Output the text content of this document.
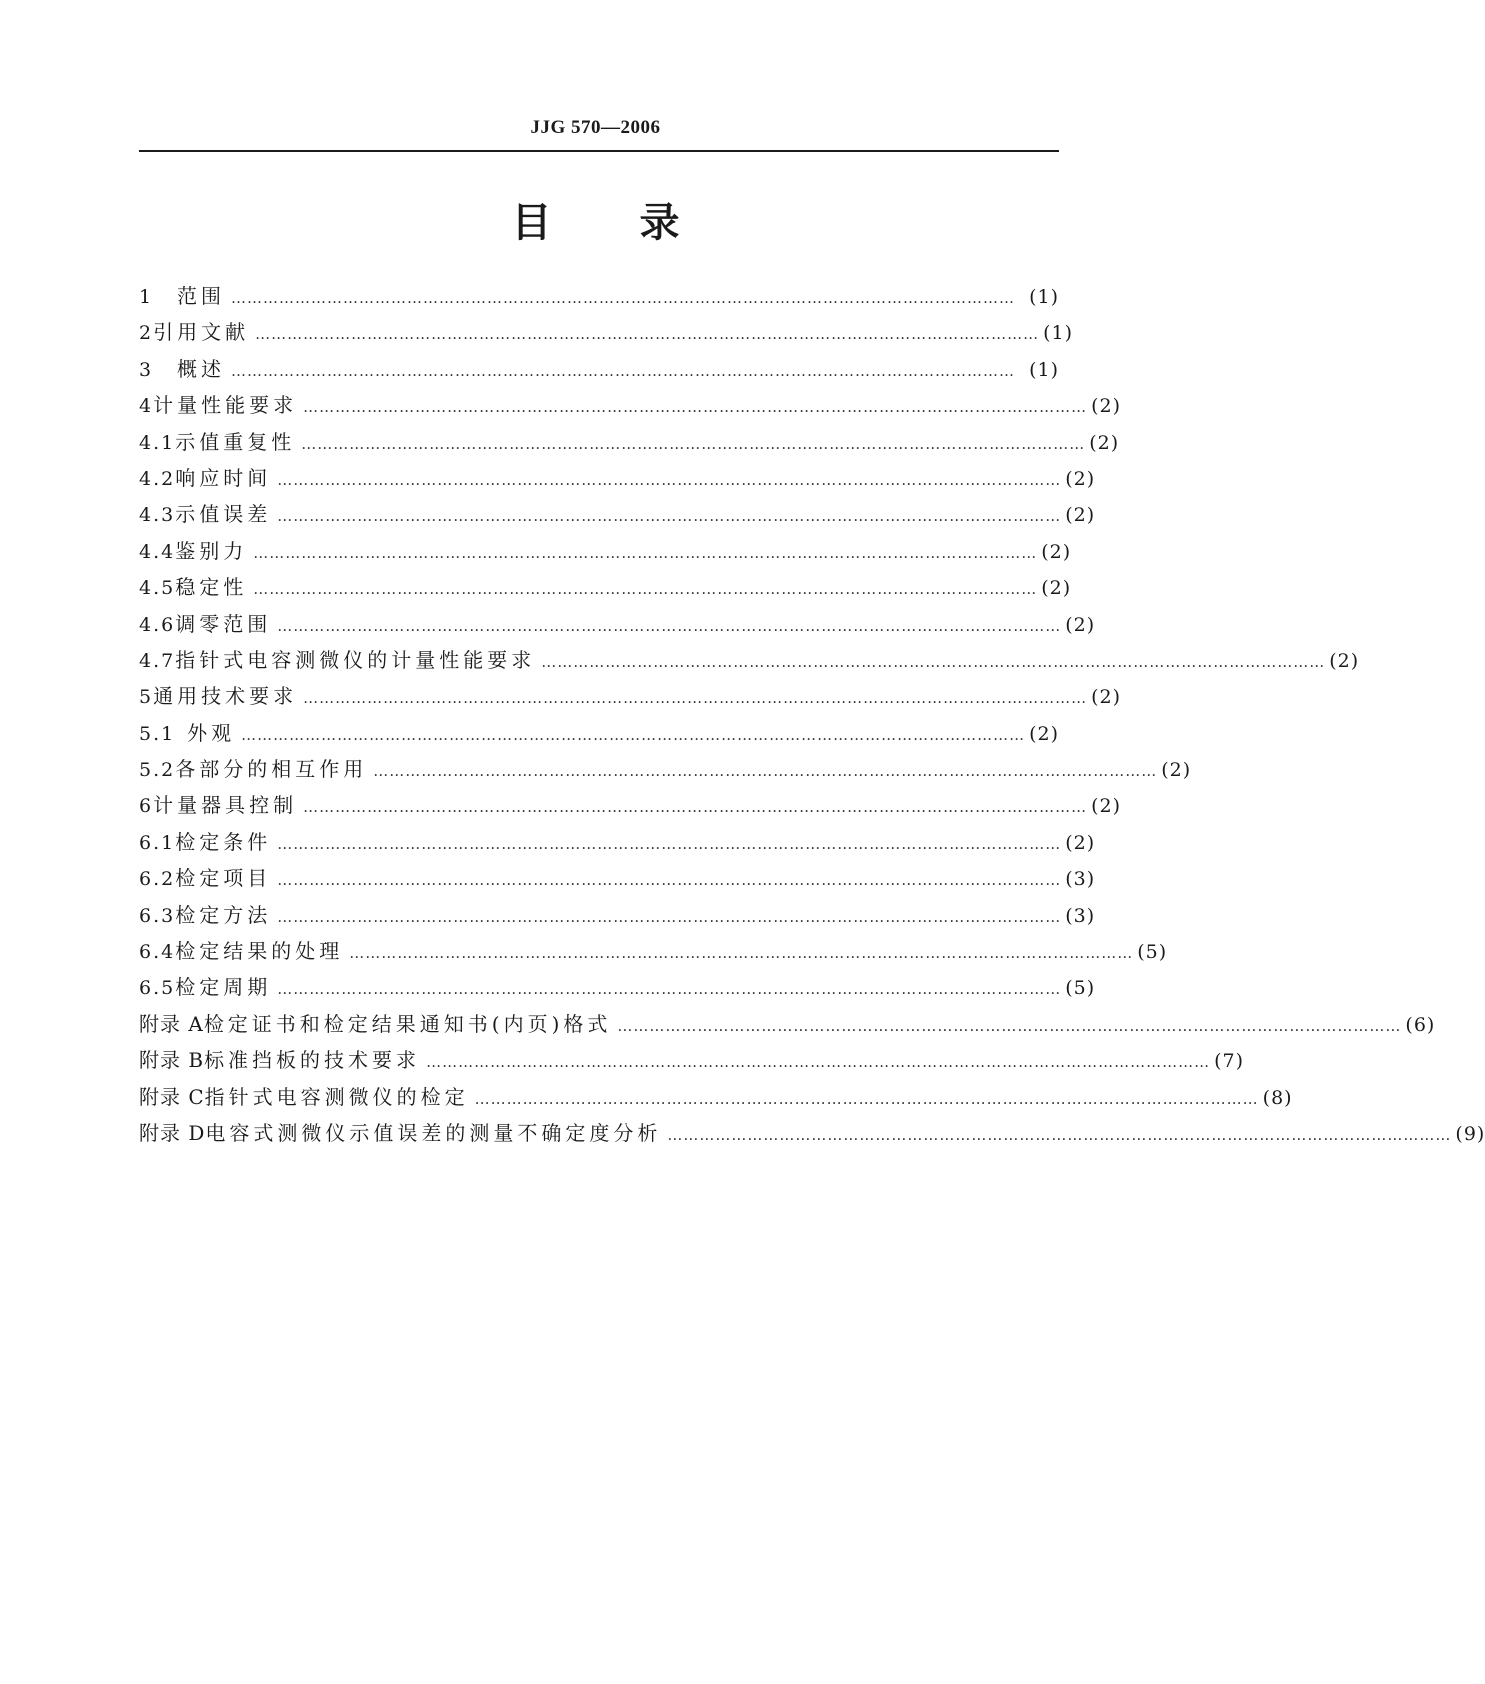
JJG 570—2006
目 录
1	范围 ………………………………………………………………………………………………………………………………… (1)
2 引用文献 ………………………………………………………………………………………………………………………………… (1)
3	概述 ………………………………………………………………………………………………………………………………… (1)
4 计量性能要求 ………………………………………………………………………………………………………………………………… (2)
4.1 示值重复性 ………………………………………………………………………………………………………………………………… (2)
4.2 响应时间 ………………………………………………………………………………………………………………………………… (2)
4.3 示值误差 ………………………………………………………………………………………………………………………………… (2)
4.4 鉴别力 ………………………………………………………………………………………………………………………………… (2)
4.5 稳定性 ………………………………………………………………………………………………………………………………… (2)
4.6 调零范围 ………………………………………………………………………………………………………………………………… (2)
4.7 指针式电容测微仪的计量性能要求 ………………………………………………………………………………………………………………………………… (2)
5 通用技术要求 ………………………………………………………………………………………………………………………………… (2)
5.1 外观 ………………………………………………………………………………………………………………………………… (2)
5.2 各部分的相互作用 ………………………………………………………………………………………………………………………………… (2)
6 计量器具控制 ………………………………………………………………………………………………………………………………… (2)
6.1 检定条件 ………………………………………………………………………………………………………………………………… (2)
6.2 检定项目 ………………………………………………………………………………………………………………………………… (3)
6.3 检定方法 ………………………………………………………………………………………………………………………………… (3)
6.4 检定结果的处理 ………………………………………………………………………………………………………………………………… (5)
6.5 检定周期 ………………………………………………………………………………………………………………………………… (5)
附录 A 检定证书和检定结果通知书(内页)格式 ………………………………………………………………………………………………………………………………… (6)
附录 B 标准挡板的技术要求 ………………………………………………………………………………………………………………………………… (7)
附录 C 指针式电容测微仪的检定 ………………………………………………………………………………………………………………………………… (8)
附录 D 电容式测微仪示值误差的测量不确定度分析 ………………………………………………………………………………………………………………………………… (9)
